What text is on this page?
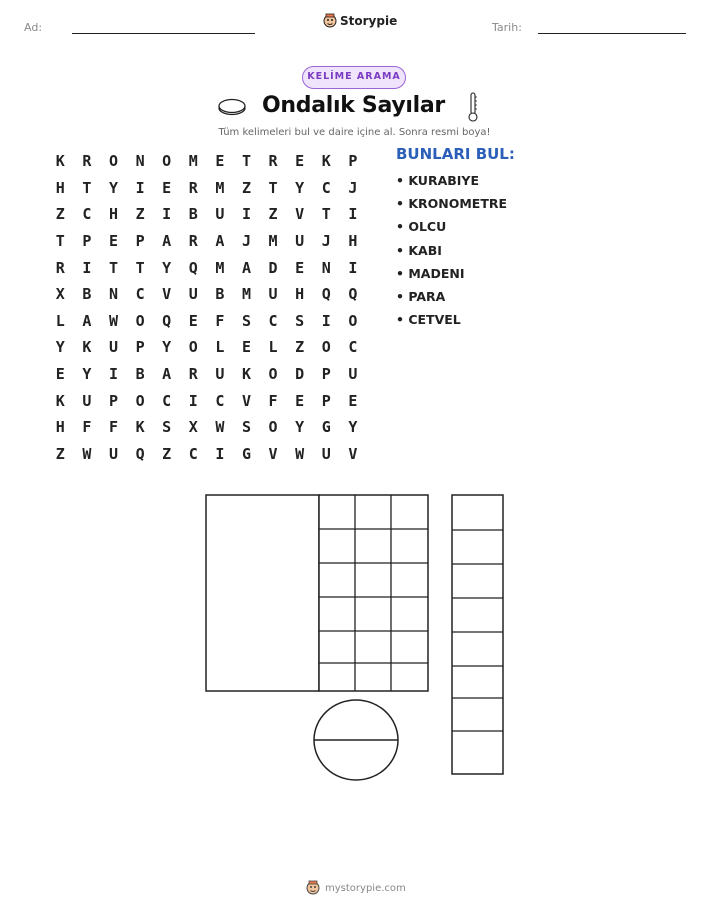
Ad:	Storypie	Tarih:
KELİME ARAMA
Ondalık Sayılar
Tüm kelimeleri bul ve daire içine al. Sonra resmi boya!
K	R	O	N	O	M	E	T	R	E	K	P
H	T	Y	I	E	R	M	Z	T	Y	C	J
Z	C	H	Z	I	B	U	I	Z	V	T	I
T	P	E	P	A	R	A	J	M	U	J	H
R	I	T	T	Y	Q	M	A	D	E	N	I
X	B	N	C	V	U	B	M	U	H	Q	Q
L	A	W	O	Q	E	F	S	C	S	I	O
Y	K	U	P	Y	O	L	E	L	Z	O	C
E	Y	I	B	A	R	U	K	O	D	P	U
K	U	P	O	C	I	C	V	F	E	P	E
H	F	F	K	S	X	W	S	O	Y	G	Y
Z	W	U	Q	Z	C	I	G	V	W	U	V
BUNLARI BUL:
• KURABIYE
• KRONOMETRE
• OLCU
• KABI
• MADENI
• PARA
• CETVEL
mystorypie.com
